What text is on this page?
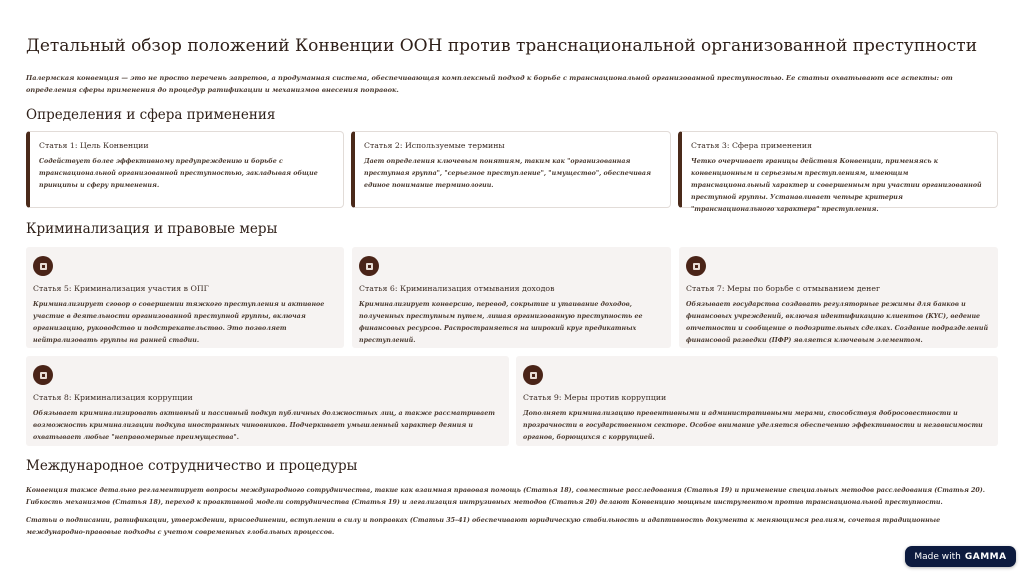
Детальный обзор положений Конвенции ООН против транснациональной организованной преступности

Палермская конвенция — это не просто перечень запретов, а продуманная система, обеспечивающая комплексный подход к борьбе с транснациональной организованной преступностью. Ее статьи охватывают все аспекты: от определения сферы применения до процедур ратификации и механизмов внесения поправок.

Определения и сфера применения
Статья 1: Цель Конвенции

Содействует более эффективному предупреждению и борьбе с транснациональной организованной преступностью, закладывая общие принципы и сферу применения.

Статья 2: Используемые термины

Дает определения ключевым понятиям, таким как "организованная преступная группа", "серьезное преступление", "имущество", обеспечивая единое понимание терминологии.

Статья 3: Сфера применения

Четко очерчивает границы действия Конвенции, применяясь к конвенционным и серьезным преступлениям, имеющим транснациональный характер и совершенным при участии организованной преступной группы. Устанавливает четыре критерия "транснационального характера" преступления.

Криминализация и правовые меры
Статья 5: Криминализация участия в ОПГ

Криминализирует сговор о совершении тяжкого преступления и активное участие в деятельности организованной преступной группы, включая организацию, руководство и подстрекательство. Это позволяет нейтрализовать группы на ранней стадии.

Статья 6: Криминализация отмывания доходов

Криминализирует конверсию, перевод, сокрытие и утаивание доходов, полученных преступным путем, лишая организованную преступность ее финансовых ресурсов. Распространяется на широкий круг предикатных преступлений.

Статья 7: Меры по борьбе с отмыванием денег

Обязывает государства создавать регуляторные режимы для банков и финансовых учреждений, включая идентификацию клиентов (KYC), ведение отчетности и сообщение о подозрительных сделках. Создание подразделений финансовой разведки (ПФР) является ключевым элементом.

Статья 8: Криминализация коррупции

Обязывает криминализировать активный и пассивный подкуп публичных должностных лиц, а также рассматривает возможность криминализации подкупа иностранных чиновников. Подчеркивает умышленный характер деяния и охватывает любые "неправомерные преимущества".

Статья 9: Меры против коррупции

Дополняет криминализацию превентивными и административными мерами, способствуя добросовестности и прозрачности в государственном секторе. Особое внимание уделяется обеспечению эффективности и независимости органов, борющихся с коррупцией.

Международное сотрудничество и процедуры

Конвенция также детально регламентирует вопросы международного сотрудничества, такие как взаимная правовая помощь (Статья 18), совместные расследования (Статья 19) и применение специальных методов расследования (Статья 20). Гибкость механизмов (Статья 18), переход к проактивной модели сотрудничества (Статья 19) и легализация интрузивных методов (Статья 20) делают Конвенцию мощным инструментом против транснациональной преступности.

Статьи о подписании, ратификации, утверждении, присоединении, вступлении в силу и поправках (Статьи 35–41) обеспечивают юридическую стабильность и адаптивность документа к меняющимся реалиям, сочетая традиционные международно-правовые подходы с учетом современных глобальных процессов.

Made with GAMMA
